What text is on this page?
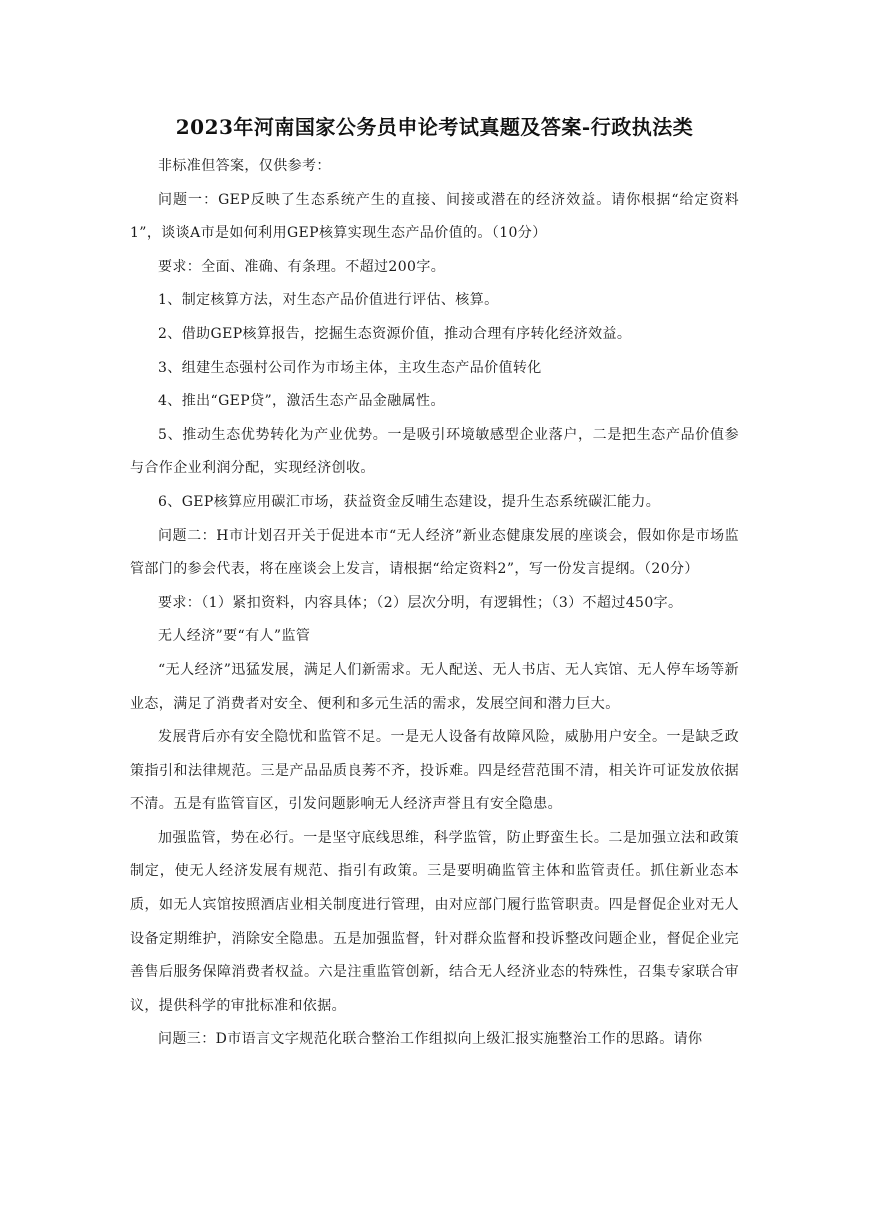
2023年河南国家公务员申论考试真题及答案-行政执法类

非标准但答案，仅供参考：

问题一：GEP反映了生态系统产生的直接、间接或潜在的经济效益。请你根据“给定资料1”，谈谈A市是如何利用GEP核算实现生态产品价值的。（10分）

要求：全面、准确、有条理。不超过200字。

1、制定核算方法，对生态产品价值进行评估、核算。

2、借助GEP核算报告，挖掘生态资源价值，推动合理有序转化经济效益。

3、组建生态强村公司作为市场主体，主攻生态产品价值转化

4、推出“GEP贷”，激活生态产品金融属性。

5、推动生态优势转化为产业优势。一是吸引环境敏感型企业落户，二是把生态产品价值参与合作企业利润分配，实现经济创收。

6、GEP核算应用碳汇市场，获益资金反哺生态建设，提升生态系统碳汇能力。

问题二：H市计划召开关于促进本市“无人经济”新业态健康发展的座谈会，假如你是市场监管部门的参会代表，将在座谈会上发言，请根据“给定资料2”，写一份发言提纲。（20分）

要求：（1）紧扣资料，内容具体；（2）层次分明，有逻辑性；（3）不超过450字。

无人经济”要“有人”监管

“无人经济”迅猛发展，满足人们新需求。无人配送、无人书店、无人宾馆、无人停车场等新业态，满足了消费者对安全、便利和多元生活的需求，发展空间和潜力巨大。

发展背后亦有安全隐忧和监管不足。一是无人设备有故障风险，威胁用户安全。一是缺乏政策指引和法律规范。三是产品品质良莠不齐，投诉难。四是经营范围不清，相关许可证发放依据不清。五是有监管盲区，引发问题影响无人经济声誉且有安全隐患。

加强监管，势在必行。一是坚守底线思维，科学监管，防止野蛮生长。二是加强立法和政策制定，使无人经济发展有规范、指引有政策。三是要明确监管主体和监管责任。抓住新业态本质，如无人宾馆按照酒店业相关制度进行管理，由对应部门履行监管职责。四是督促企业对无人设备定期维护，消除安全隐患。五是加强监督，针对群众监督和投诉整改问题企业，督促企业完善售后服务保障消费者权益。六是注重监管创新，结合无人经济业态的特殊性，召集专家联合审议，提供科学的审批标准和依据。

问题三：D市语言文字规范化联合整治工作组拟向上级汇报实施整治工作的思路。请你
